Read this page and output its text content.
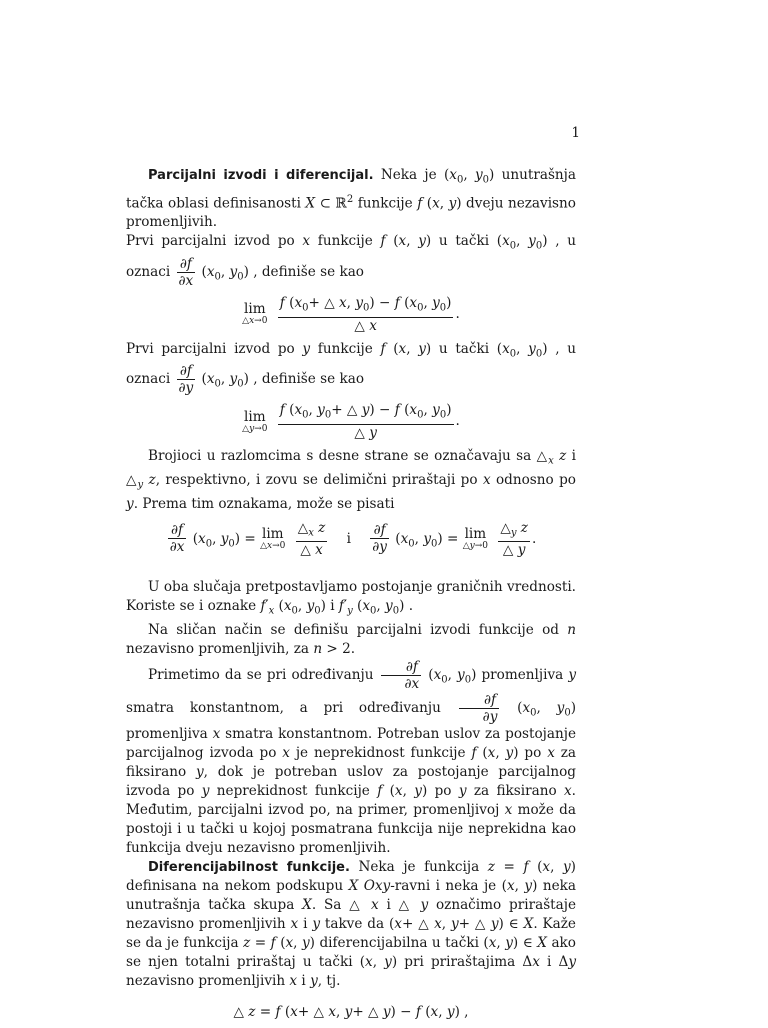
1

Parcijalni izvodi i diferencijal. Neka je ($x_0$, $y_0$) unutrašnja tačka oblasi definisanosti X ⊂ ℝ$^2$ funkcije f (x, y) dveju nezavisno promenljivih.

Prvi parcijalni izvod po x funkcije f (x, y) u tački ($x_0$, $y_0$) , u oznaci $\frac{\partial f}{\partial x} (x_0$, $y_0$) , definiše se kao

lim
△x→0
$\frac{f (x_0+ \triangle x, y_0) - f (x_0, y_0)}{\triangle x}$ .

Prvi parcijalni izvod po y funkcije f (x, y) u tački ($x_0$, $y_0$) , u oznaci $\frac{\partial f}{\partial y} (x_0$, $y_0$) , definiše se kao

lim
△y→0
$\frac{f (x_0, y_0+ \triangle y) - f (x_0, y_0)}{\triangle y}$ .

Brojioci u razlomcima s desne strane se označavaju sa $\triangle_x$ z i $\triangle_y$ z, respektivno, i zovu se delimični priraštaji po x odnosno po y. Prema tim oznakama, može se pisati

$\frac{\partial f}{\partial x} (x_0$, $y_0) = \lim$
△x→0
$\frac{\triangle_x z}{\triangle x}$ i $\frac{\partial f}{\partial y} (x_0$, $y_0) = \lim$
△y→0
$\frac{\triangle_y z}{\triangle y}$ .

U oba slučaja pretpostavljamo postojanje graničnih vrednosti. Koriste se i oznake $f'_x$ ($x_0$, $y_0$) i $f'_y$ ($x_0$, $y_0$) .

Na sličan način se definišu parcijalni izvodi funkcije od n nezavisno promenljivih, za n > 2.

Primetimo da se pri određivanju $\frac{\partial f}{\partial x} (x_0$, $y_0$) promenljiva y smatra konstantnom, a pri određivanju $\frac{\partial f}{\partial y} (x_0$, $y_0$) promenljiva x smatra konstantnom. Potreban uslov za postojanje parcijalnog izvoda po x je neprekidnost funkcije f (x, y) po x za fiksirano y, dok je potreban uslov za postojanje parcijalnog izvoda po y neprekidnost funkcije f (x, y) po y za fiksirano x. Međutim, parcijalni izvod po, na primer, promenljivoj x može da postoji i u tački u kojoj posmatrana funkcija nije neprekidna kao funkcija dveju nezavisno promenljivih.

Diferencijabilnost funkcije. Neka je funkcija z = f (x, y) definisana na nekom podskupu X Oxy-ravni i neka je (x, y) neka unutrašnja tačka skupa X. Sa △ x i △ y označimo priraštaje nezavisno promenljivih x i y takve da (x+ △ x, y+ △ y) ∈ X. Kaže se da je funkcija z = f (x, y) diferencijabilna u tački (x, y) ∈ X ako se njen totalni priraštaj u tački (x, y) pri priraštajima Δx i Δy nezavisno promenljivih x i y, tj.

△ z = f (x+ △ x, y+ △ y) − f (x, y) ,
